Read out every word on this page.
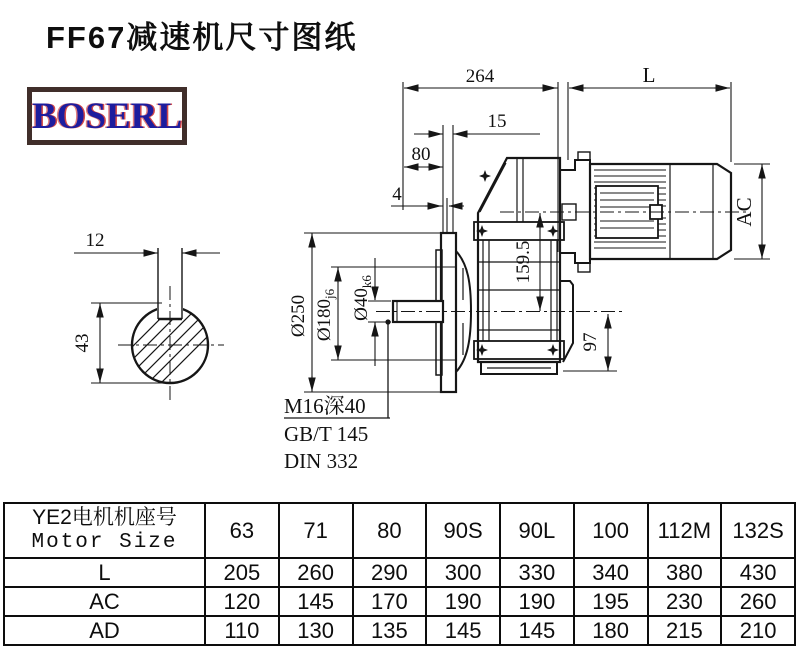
FF67减速机尺寸图纸
BOSERL
12
43
264	L
15
80
4
Ø250 $Ø180_{j6}$ $Ø40_{k6}$	159.5
97
AC
M16深40
GB/T 145
DIN 332
YE2电机机座号
Motor Size	63	71	80	90S	90L	100	112M	132S
L	205	260	290	300	330	340	380	430
AC	120	145	170	190	190	195	230	260
AD	110	130	135	145	145	180	215	210
